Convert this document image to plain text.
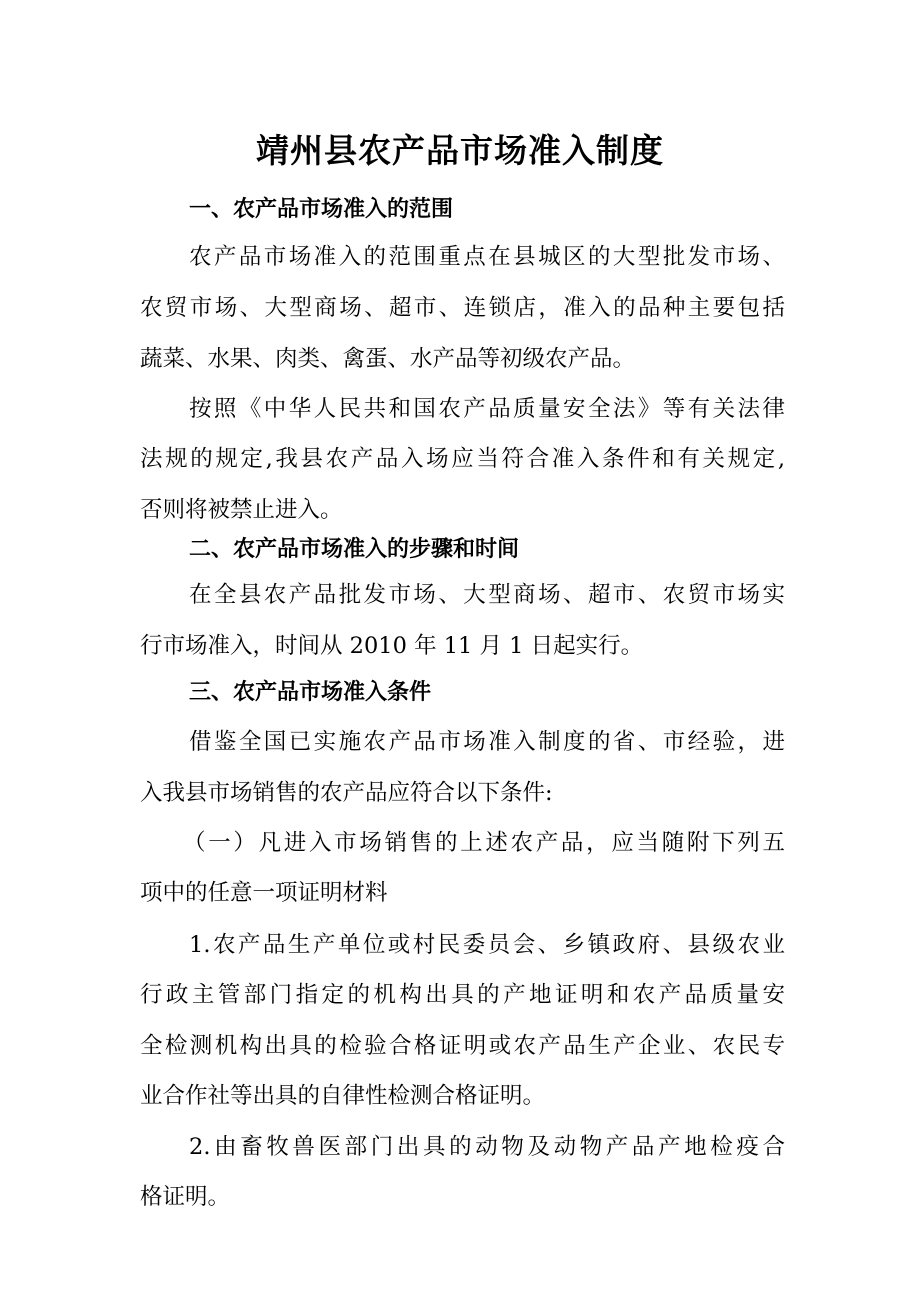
靖州县农产品市场准入制度
一、农产品市场准入的范围
农产品市场准入的范围重点在县城区的大型批发市场、
农贸市场、大型商场、超市、连锁店，准入的品种主要包括
蔬菜、水果、肉类、禽蛋、水产品等初级农产品。
按照《中华人民共和国农产品质量安全法》等有关法律
法规的规定,我县农产品入场应当符合准入条件和有关规定,
否则将被禁止进入。
二、农产品市场准入的步骤和时间
在全县农产品批发市场、大型商场、超市、农贸市场实
行市场准入，时间从 2010 年 11 月 1 日起实行。
三、农产品市场准入条件
借鉴全国已实施农产品市场准入制度的省、市经验，进
入我县市场销售的农产品应符合以下条件:
（一）凡进入市场销售的上述农产品，应当随附下列五
项中的任意一项证明材料
1.农产品生产单位或村民委员会、乡镇政府、县级农业
行政主管部门指定的机构出具的产地证明和农产品质量安
全检测机构出具的检验合格证明或农产品生产企业、农民专
业合作社等出具的自律性检测合格证明。
2.由畜牧兽医部门出具的动物及动物产品产地检疫合
格证明。
